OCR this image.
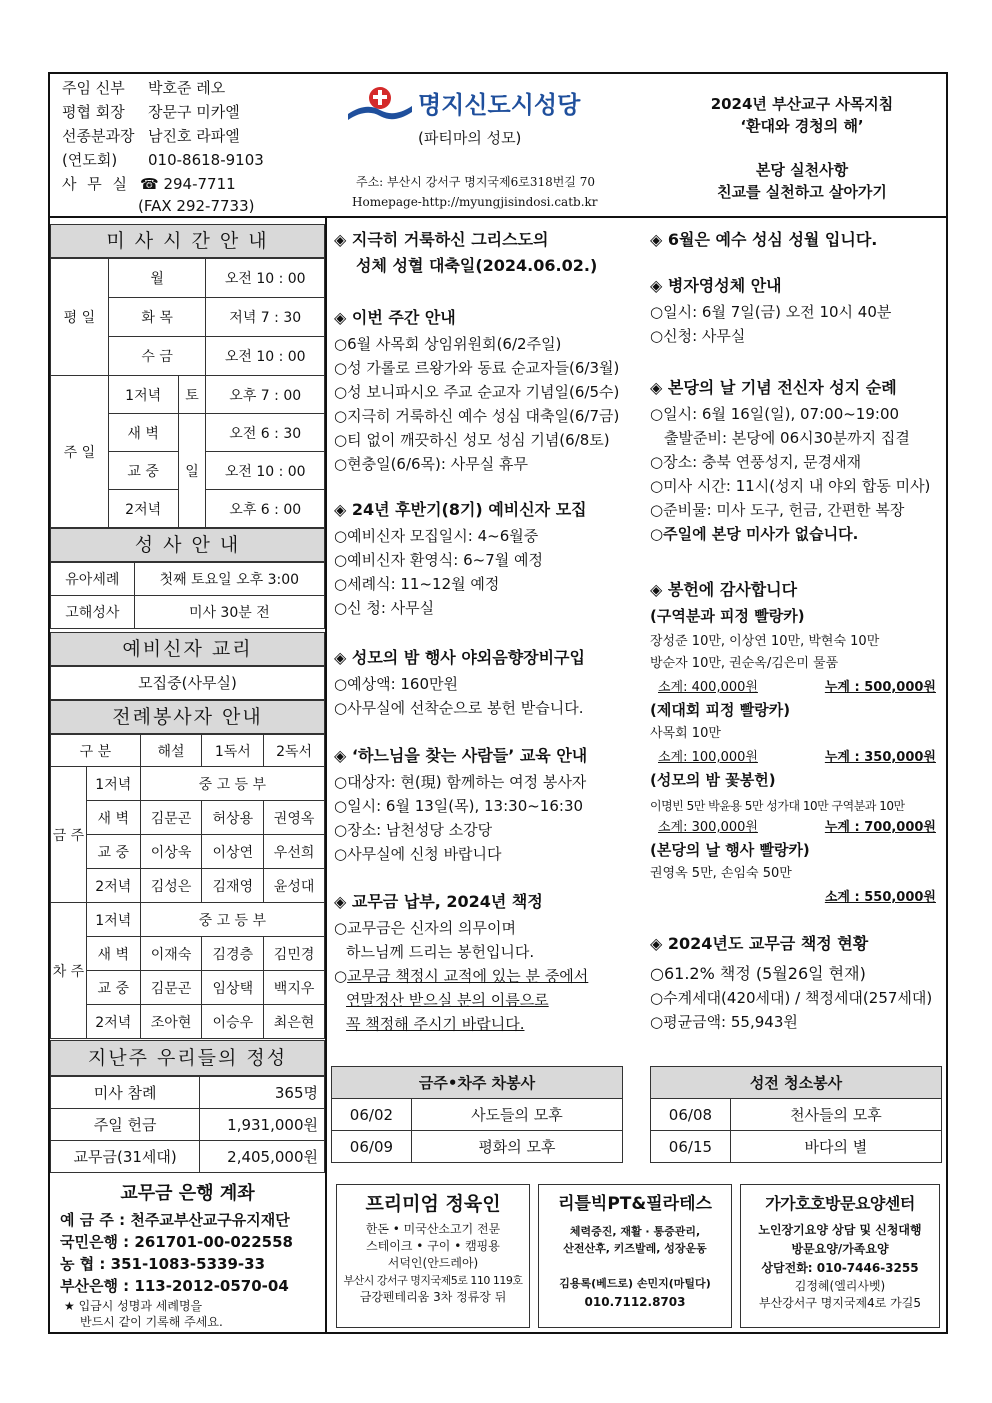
주임 신부 박호준 레오
평협 회장 장문구 미카엘
선종분과장 남진호 라파엘
(연도회) 010-8618-9103
사 무 실 ☎ 294-7711
(FAX 292-7733)
명지신도시성당
(파티마의 성모)
주소: 부산시 강서구 명지국제6로318번길 70
Homepage-http://myungjisindosi.catb.kr
2024년 부산교구 사목지침
‘환대와 경청의 해’
본당 실천사항
친교를 실천하고 살아가기
미 사 시 간 안 내
평 일	월		오전 10 : 00
	화 목		저녁 7 : 30
	수 금		오전 10 : 00
주 일	1저녁	토	오후 7 : 00
	새 벽	일	오전 6 : 30
	교 중		오전 10 : 00
	2저녁		오후 6 : 00
성 사 안 내
유아세례	첫째 토요일 오후 3:00
고해성사	미사 30분 전
예비신자 교리
모집중(사무실)
전례봉사자 안내
구 분		해설	1독서	2독서
금 주	1저녁	중 고 등 부		
	새 벽	김문곤	허상용	권영옥
	교 중	이상욱	이상연	우선희
	2저녁	김성은	김재영	윤성대
차 주	1저녁	중 고 등 부		
	새 벽	이재숙	김경층	김민경
	교 중	김문곤	임상택	백지우
	2저녁	조아현	이승우	최은현
지난주 우리들의 정성
미사 참례	365명
주일 헌금	1,931,000원
교무금(31세대)	2,405,000원
교무금 은행 계좌
예 금 주 : 천주교부산교구유지재단
국민은행 : 261701-00-022558
농 협 : 351-1083-5339-33
부산은행 : 113-2012-0570-04
★ 입금시 성명과 세례명을
반드시 같이 기록해 주세요.
◈ 지극히 거룩하신 그리스도의
성체 성혈 대축일(2024.06.02.)
◈ 이번 주간 안내
○6월 사목회 상임위원회(6/2주일)
○성 가롤로 르왕가와 동료 순교자들(6/3월)
○성 보니파시오 주교 순교자 기념일(6/5수)
○지극히 거룩하신 예수 성심 대축일(6/7금)
○티 없이 깨끗하신 성모 성심 기념(6/8토)
○현충일(6/6목): 사무실 휴무
◈ 24년 후반기(8기) 예비신자 모집
○예비신자 모집일시: 4~6월중
○예비신자 환영식: 6~7월 예정
○세례식: 11~12월 예정
○신 청: 사무실
◈ 성모의 밤 행사 야외음향장비구입
○예상액: 160만원
○사무실에 선착순으로 봉헌 받습니다.
◈ ‘하느님을 찾는 사람들’ 교육 안내
○대상자: 현(現) 함께하는 여정 봉사자
○일시: 6월 13일(목), 13:30~16:30
○장소: 남천성당 소강당
○사무실에 신청 바랍니다
◈ 교무금 납부, 2024년 책정
○교무금은 신자의 의무이며
하느님께 드리는 봉헌입니다.
○교무금 책정시 교적에 있는 분 중에서
연말정산 받으실 분의 이름으로
꼭 책정해 주시기 바랍니다.
◈ 6월은 예수 성심 성월 입니다.
◈ 병자영성체 안내
○일시: 6월 7일(금) 오전 10시 40분
○신청: 사무실
◈ 본당의 날 기념 전신자 성지 순례
○일시: 6월 16일(일), 07:00~19:00
출발준비: 본당에 06시30분까지 집결
○장소: 충북 연풍성지, 문경새재
○미사 시간: 11시(성지 내 야외 합동 미사)
○준비물: 미사 도구, 헌금, 간편한 복장
○주일에 본당 미사가 없습니다.
◈ 봉헌에 감사합니다
(구역분과 피정 빨랑카)
장성준 10만, 이상연 10만, 박현숙 10만
방순자 10만, 권순옥/김은미 물품
소계: 400,000원	누계 : 500,000원
(제대회 피정 빨랑카)
사목회 10만
소계: 100,000원	누계 : 350,000원
(성모의 밤 꽃봉헌)
이명빈 5만 박윤용 5만 성가대 10만 구역분과 10만
소계: 300,000원	누계 : 700,000원
(본당의 날 행사 빨랑카)
권영옥 5만, 손임숙 50만
소계 : 550,000원
◈ 2024년도 교무금 책정 현황
○61.2% 책정 (5월26일 현재)
○수계세대(420세대) / 책정세대(257세대)
○평균금액: 55,943원
금주•차주 차봉사	
06/02	사도들의 모후
06/09	평화의 모후
성전 청소봉사	
06/08	천사들의 모후
06/15	바다의 별
프리미엄 정육인
한돈 • 미국산소고기 전문
스테이크 • 구이 • 캠핑용
서덕인(안드레아)
부산시 강서구 명지국제5로 110 119호
금강펜테리움 3차 정류장 뒤
리틀빅PT&필라테스
체력증진, 재활 · 통증관리,
산전산후, 키즈발레, 성장운동
김용록(베드로) 손민지(마틸다)
010.7112.8703
가가호호방문요양센터
노인장기요양 상담 및 신청대행
방문요양/가족요양
상담전화: 010-7446-3255
김정혜(엘리사벳)
부산강서구 명지국제4로 가길5
